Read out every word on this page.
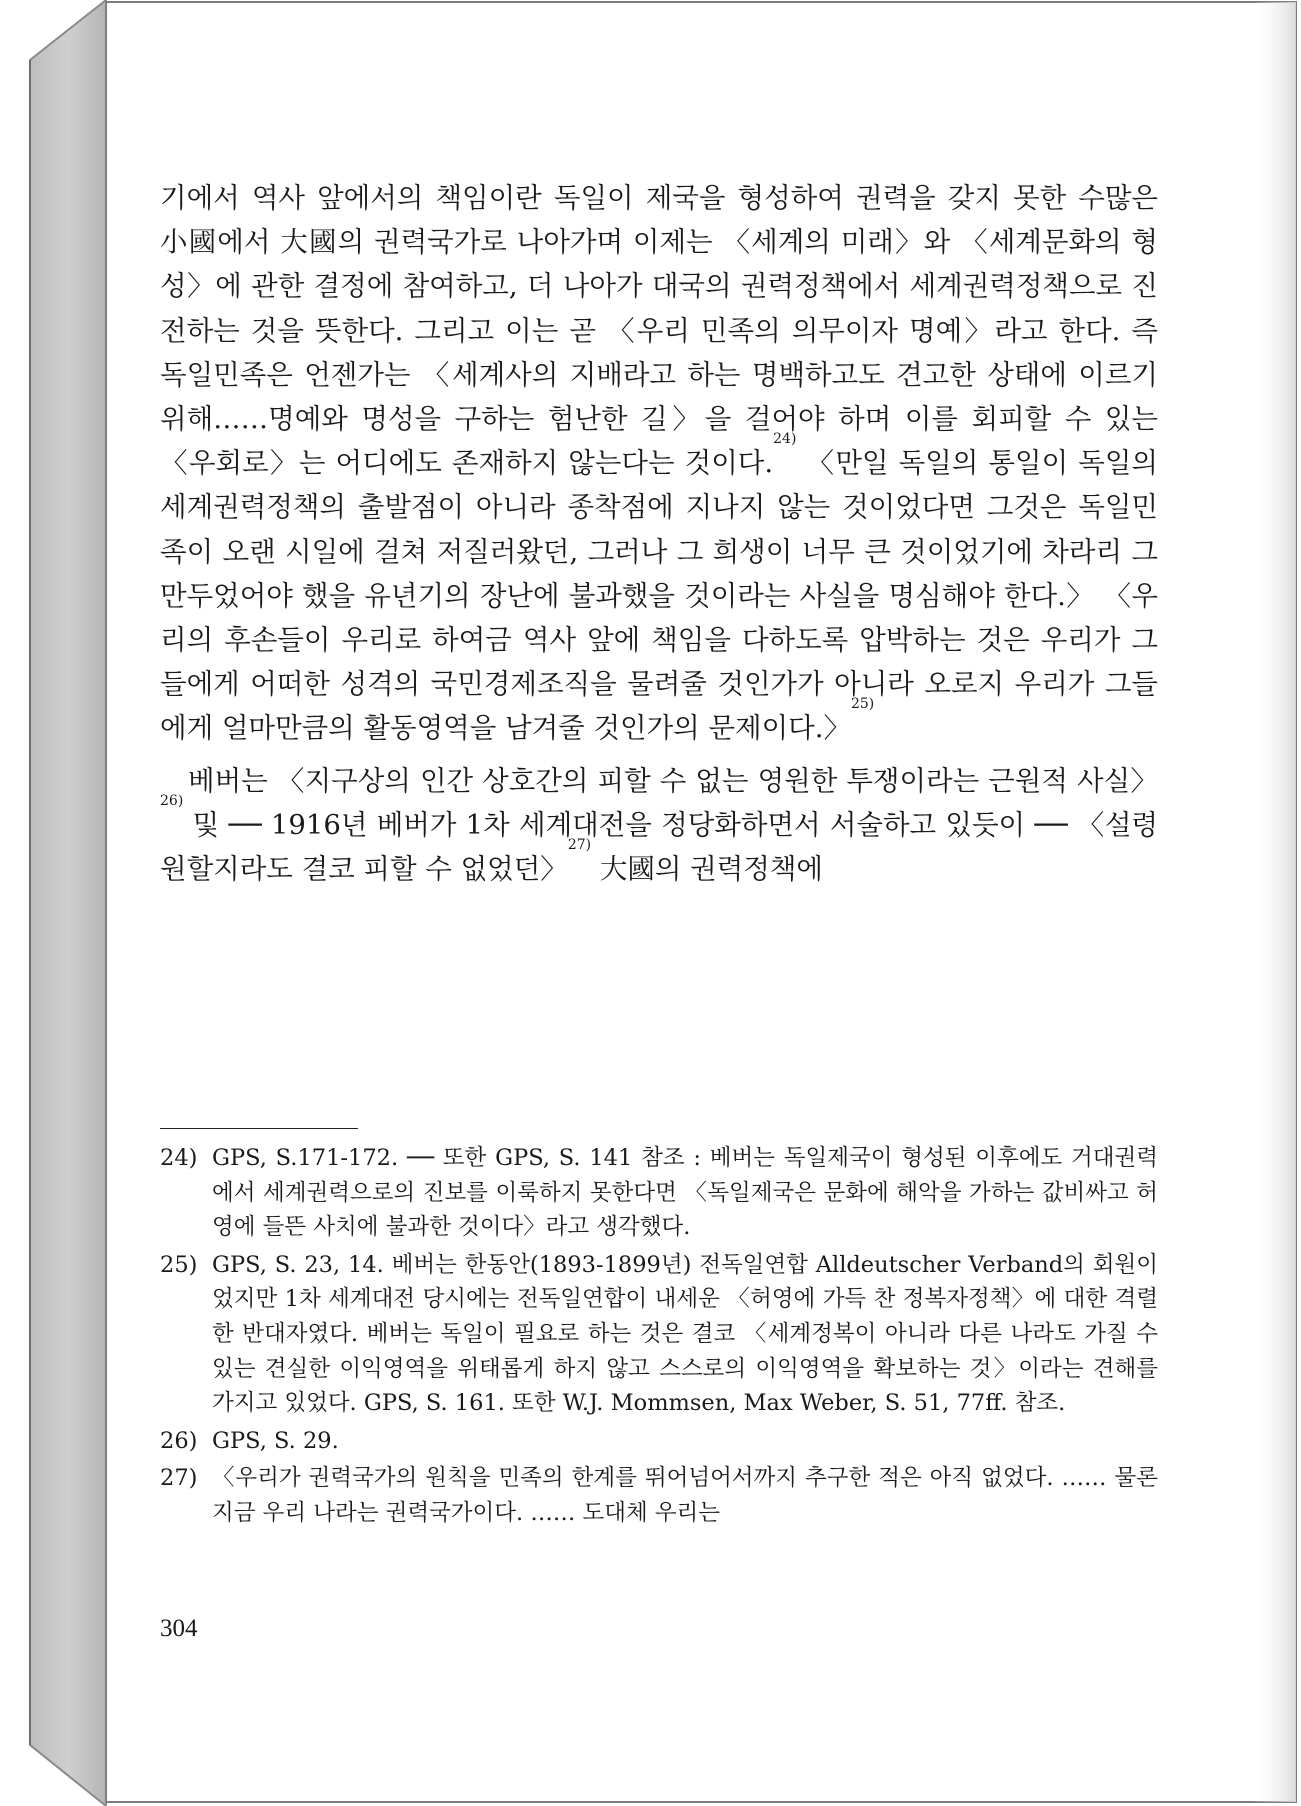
기에서 역사 앞에서의 책임이란 독일이 제국을 형성하여 권력을 갖지 못한 수많은 小國에서 大國의 권력국가로 나아가며 이제는 〈세계의 미래〉와 〈세계문화의 형성〉에 관한 결정에 참여하고, 더 나아가 대국의 권력정책에서 세계권력정책으로 진전하는 것을 뜻한다. 그리고 이는 곧 〈우리 민족의 의무이자 명예〉라고 한다. 즉 독일민족은 언젠가는 〈세계사의 지배라고 하는 명백하고도 견고한 상태에 이르기 위해……명예와 명성을 구하는 험난한 길〉을 걸어야 하며 이를 회피할 수 있는 〈우회로〉는 어디에도 존재하지 않는다는 것이다.$^{24)}$ 〈만일 독일의 통일이 독일의 세계권력정책의 출발점이 아니라 종착점에 지나지 않는 것이었다면 그것은 독일민족이 오랜 시일에 걸쳐 저질러왔던, 그러나 그 희생이 너무 큰 것이었기에 차라리 그만두었어야 했을 유년기의 장난에 불과했을 것이라는 사실을 명심해야 한다.〉 〈우리의 후손들이 우리로 하여금 역사 앞에 책임을 다하도록 압박하는 것은 우리가 그들에게 어떠한 성격의 국민경제조직을 물려줄 것인가가 아니라 오로지 우리가 그들에게 얼마만큼의 활동영역을 남겨줄 것인가의 문제이다.〉$^{25)}$

베버는 〈지구상의 인간 상호간의 피할 수 없는 영원한 투쟁이라는 근원적 사실〉$^{26)}$ 및 ── 1916년 베버가 1차 세계대전을 정당화하면서 서술하고 있듯이 ── 〈설령 원할지라도 결코 피할 수 없었던〉$^{27)}$ 大國의 권력정책에

24) GPS, S.171-172. ── 또한 GPS, S. 141 참조 : 베버는 독일제국이 형성된 이후에도 거대권력에서 세계권력으로의 진보를 이룩하지 못한다면 〈독일제국은 문화에 해악을 가하는 값비싸고 허영에 들뜬 사치에 불과한 것이다〉라고 생각했다.
25) GPS, S. 23, 14. 베버는 한동안(1893-1899년) 전독일연합 Alldeutscher Verband의 회원이었지만 1차 세계대전 당시에는 전독일연합이 내세운 〈허영에 가득 찬 정복자정책〉에 대한 격렬한 반대자였다. 베버는 독일이 필요로 하는 것은 결코 〈세계정복이 아니라 다른 나라도 가질 수 있는 견실한 이익영역을 위태롭게 하지 않고 스스로의 이익영역을 확보하는 것〉이라는 견해를 가지고 있었다. GPS, S. 161. 또한 W.J. Mommsen, Max Weber, S. 51, 77ff. 참조.
26) GPS, S. 29.
27) 〈우리가 권력국가의 원칙을 민족의 한계를 뛰어넘어서까지 추구한 적은 아직 없었다. …… 물론 지금 우리 나라는 권력국가이다. …… 도대체 우리는
304
